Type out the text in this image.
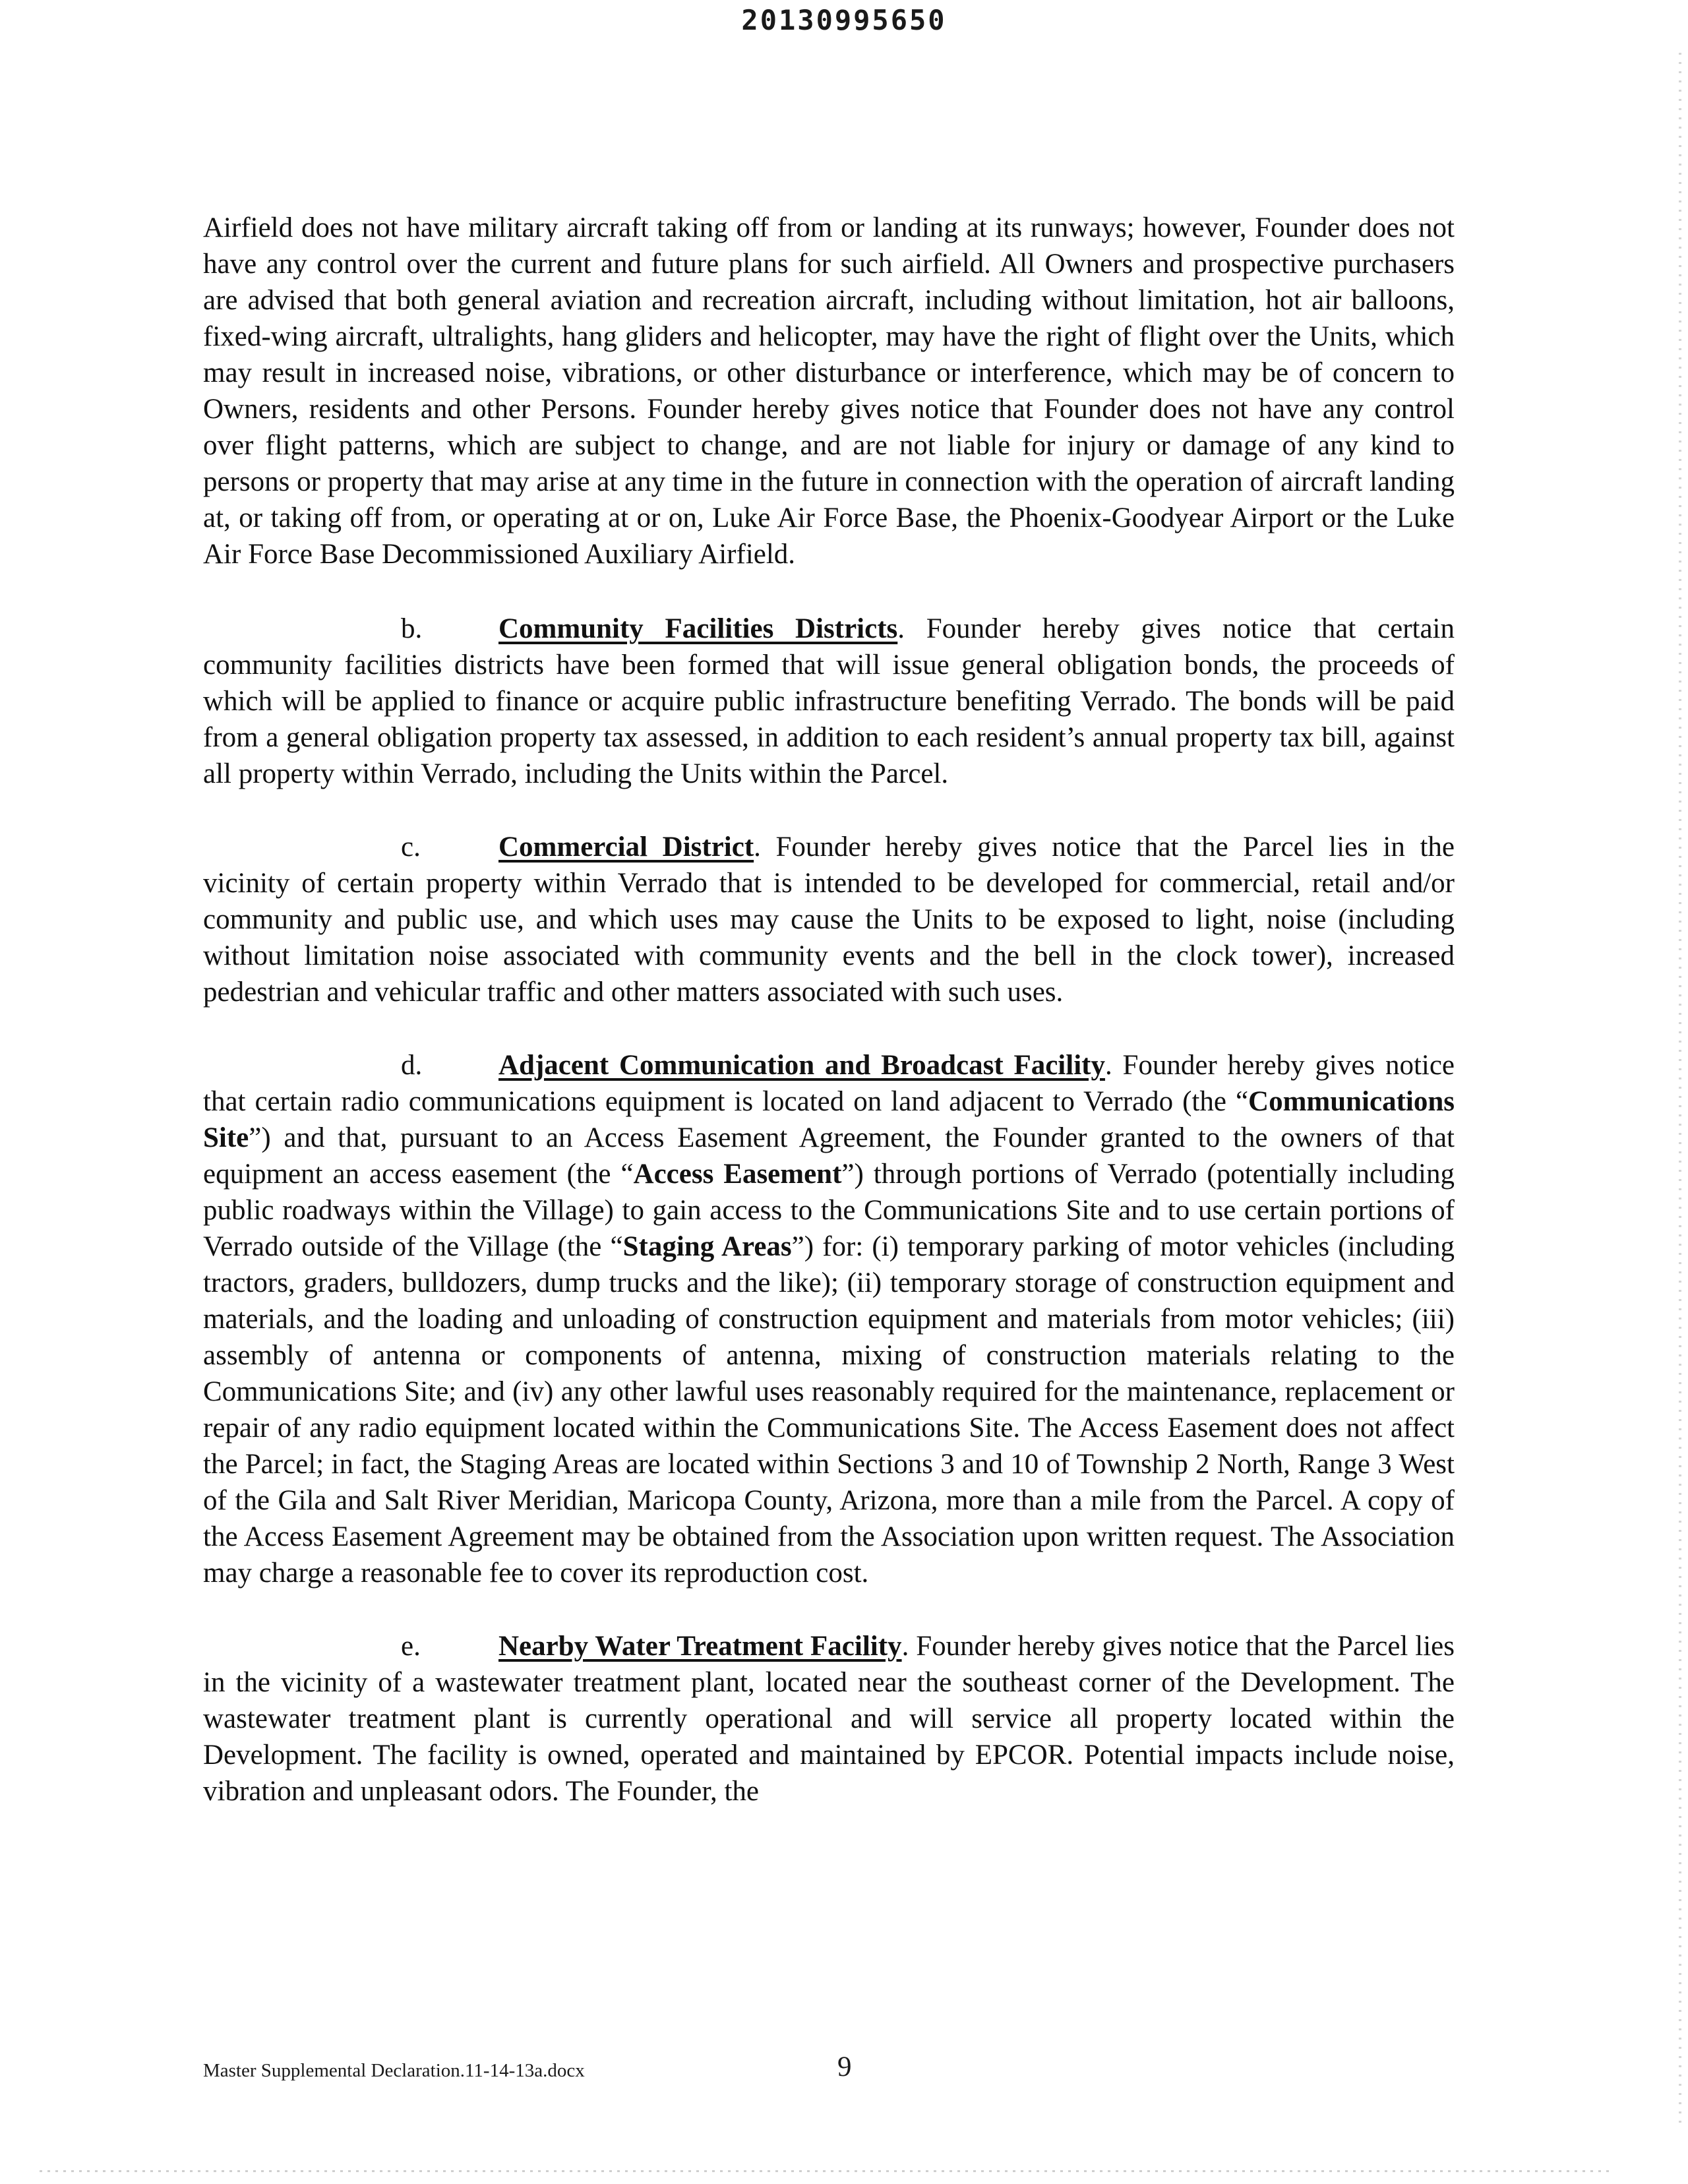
20130995650

Airfield does not have military aircraft taking off from or landing at its runways; however, Founder does not have any control over the current and future plans for such airfield. All Owners and prospective purchasers are advised that both general aviation and recreation aircraft, including without limitation, hot air balloons, fixed-wing aircraft, ultralights, hang gliders and helicopter, may have the right of flight over the Units, which may result in increased noise, vibrations, or other disturbance or interference, which may be of concern to Owners, residents and other Persons. Founder hereby gives notice that Founder does not have any control over flight patterns, which are subject to change, and are not liable for injury or damage of any kind to persons or property that may arise at any time in the future in connection with the operation of aircraft landing at, or taking off from, or operating at or on, Luke Air Force Base, the Phoenix-Goodyear Airport or the Luke Air Force Base Decommissioned Auxiliary Airfield.

b.	Community Facilities Districts. Founder hereby gives notice that certain community facilities districts have been formed that will issue general obligation bonds, the proceeds of which will be applied to finance or acquire public infrastructure benefiting Verrado. The bonds will be paid from a general obligation property tax assessed, in addition to each resident’s annual property tax bill, against all property within Verrado, including the Units within the Parcel.

c.	Commercial District. Founder hereby gives notice that the Parcel lies in the vicinity of certain property within Verrado that is intended to be developed for commercial, retail and/or community and public use, and which uses may cause the Units to be exposed to light, noise (including without limitation noise associated with community events and the bell in the clock tower), increased pedestrian and vehicular traffic and other matters associated with such uses.

d.	Adjacent Communication and Broadcast Facility. Founder hereby gives notice that certain radio communications equipment is located on land adjacent to Verrado (the “Communications Site”) and that, pursuant to an Access Easement Agreement, the Founder granted to the owners of that equipment an access easement (the “Access Easement”) through portions of Verrado (potentially including public roadways within the Village) to gain access to the Communications Site and to use certain portions of Verrado outside of the Village (the “Staging Areas”) for: (i) temporary parking of motor vehicles (including tractors, graders, bulldozers, dump trucks and the like); (ii) temporary storage of construction equipment and materials, and the loading and unloading of construction equipment and materials from motor vehicles; (iii) assembly of antenna or components of antenna, mixing of construction materials relating to the Communications Site; and (iv) any other lawful uses reasonably required for the maintenance, replacement or repair of any radio equipment located within the Communications Site. The Access Easement does not affect the Parcel; in fact, the Staging Areas are located within Sections 3 and 10 of Township 2 North, Range 3 West of the Gila and Salt River Meridian, Maricopa County, Arizona, more than a mile from the Parcel. A copy of the Access Easement Agreement may be obtained from the Association upon written request. The Association may charge a reasonable fee to cover its reproduction cost.

e.	Nearby Water Treatment Facility. Founder hereby gives notice that the Parcel lies in the vicinity of a wastewater treatment plant, located near the southeast corner of the Development. The wastewater treatment plant is currently operational and will service all property located within the Development. The facility is owned, operated and maintained by EPCOR. Potential impacts include noise, vibration and unpleasant odors. The Founder, the

Master Supplemental Declaration.11-14-13a.docx	9
